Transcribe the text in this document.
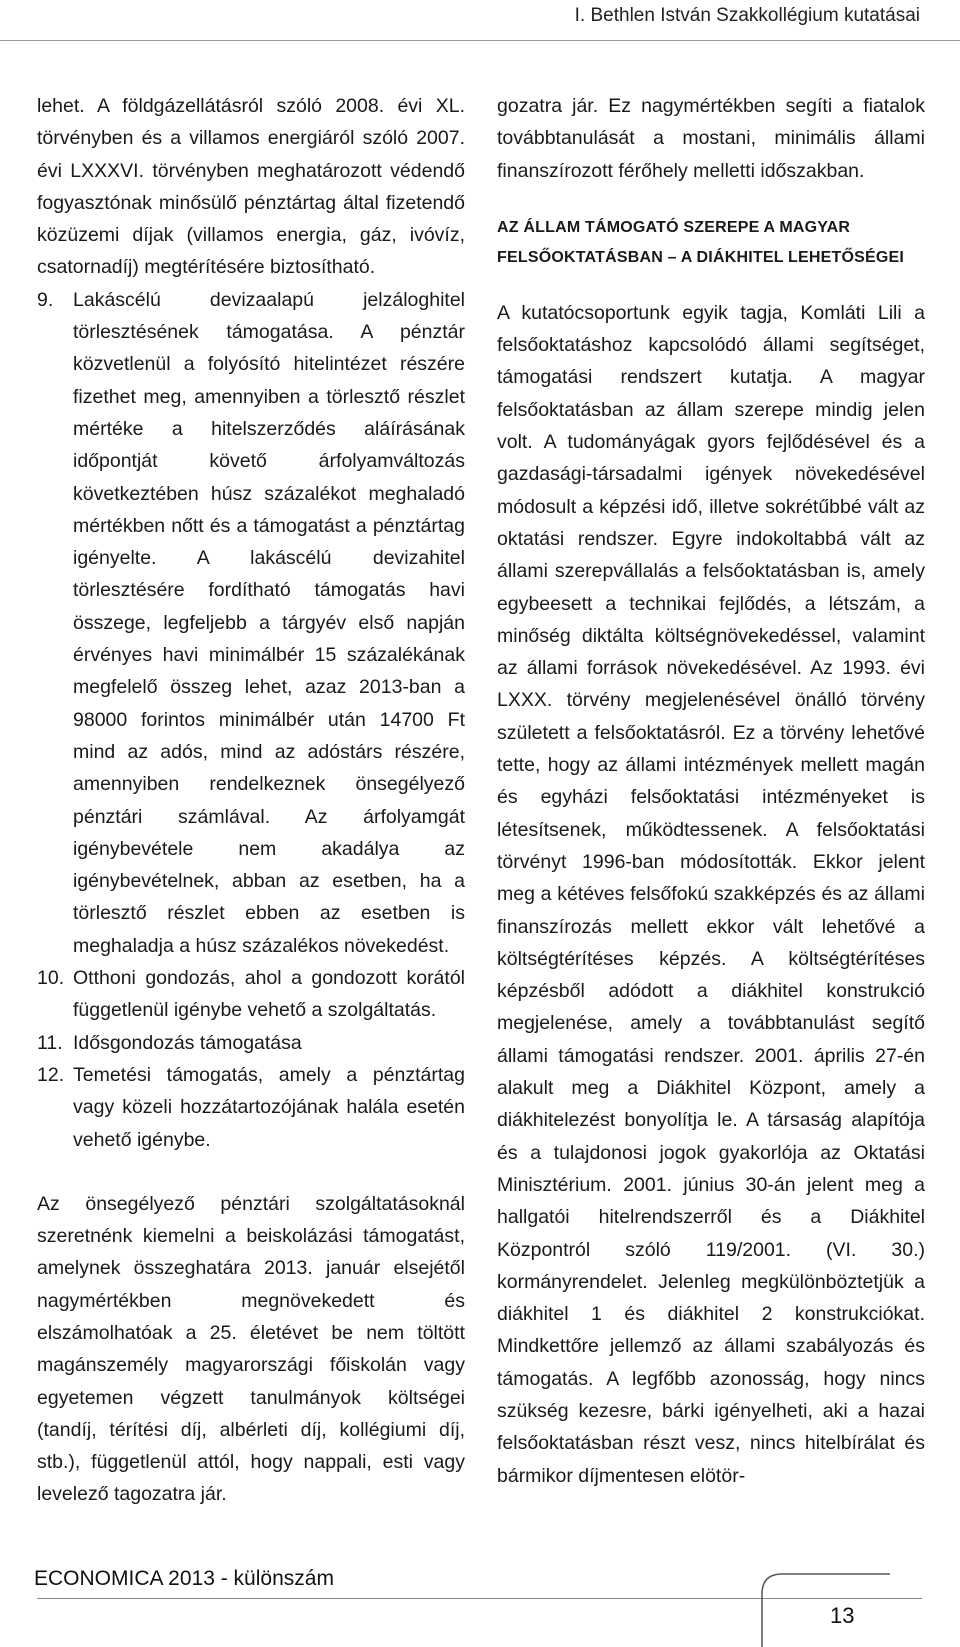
I. Bethlen István Szakkollégium kutatásai

lehet. A földgázellátásról szóló 2008. évi XL. törvényben és a villamos energiáról szóló 2007. évi LXXXVI. törvényben meghatározott védendő fogyasztónak minősülő pénztártag által fizetendő közüzemi díjak (villamos energia, gáz, ivóvíz, csatornadíj) megtérítésére biztosítható.

9. Lakáscélú devizaalapú jelzáloghitel törlesztésének támogatása. A pénztár közvetlenül a folyósító hitelintézet részére fizethet meg, amennyiben a törlesztő részlet mértéke a hitelszerződés aláírásának időpontját követő árfolyamváltozás következtében húsz százalékot meghaladó mértékben nőtt és a támogatást a pénztártag igényelte. A lakáscélú devizahitel törlesztésére fordítható támogatás havi összege, legfeljebb a tárgyév első napján érvényes havi minimálbér 15 százalékának megfelelő összeg lehet, azaz 2013-ban a 98000 forintos minimálbér után 14700 Ft mind az adós, mind az adóstárs részére, amennyiben rendelkeznek önsegélyező pénztári számlával. Az árfolyamgát igénybevétele nem akadálya az igénybevételnek, abban az esetben, ha a törlesztő részlet ebben az esetben is meghaladja a húsz százalékos növekedést.
10. Otthoni gondozás, ahol a gondozott korától függetlenül igénybe vehető a szolgáltatás.
11. Idősgondozás támogatása
12. Temetési támogatás, amely a pénztártag vagy közeli hozzátartozójának halála esetén vehető igénybe.

Az önsegélyező pénztári szolgáltatásoknál szeretnénk kiemelni a beiskolázási támogatást, amelynek összeghatára 2013. január elsejétől nagymértékben megnövekedett és elszámolhatóak a 25. életévet be nem töltött magánszemély magyarországi főiskolán vagy egyetemen végzett tanulmányok költségei (tandíj, térítési díj, albérleti díj, kollégiumi díj, stb.), függetlenül attól, hogy nappali, esti vagy levelező tagozatra jár.

gozatra jár. Ez nagymértékben segíti a fiatalok továbbtanulását a mostani, minimális állami finanszírozott férőhely melletti időszakban.

AZ ÁLLAM TÁMOGATÓ SZEREPE A MAGYAR FELSŐOKTATÁSBAN – A DIÁKHITEL LEHETŐSÉGEI

A kutatócsoportunk egyik tagja, Komláti Lili a felsőoktatáshoz kapcsolódó állami segítséget, támogatási rendszert kutatja. A magyar felsőoktatásban az állam szerepe mindig jelen volt. A tudományágak gyors fejlődésével és a gazdasági-társadalmi igények növekedésével módosult a képzési idő, illetve sokrétűbbé vált az oktatási rendszer. Egyre indokoltabbá vált az állami szerepvállalás a felsőoktatásban is, amely egybeesett a technikai fejlődés, a létszám, a minőség diktálta költségnövekedéssel, valamint az állami források növekedésével. Az 1993. évi LXXX. törvény megjelenésével önálló törvény született a felsőoktatásról. Ez a törvény lehetővé tette, hogy az állami intézmények mellett magán és egyházi felsőoktatási intézményeket is létesítsenek, működtessenek. A felsőoktatási törvényt 1996-ban módosították. Ekkor jelent meg a kétéves felsőfokú szakképzés és az állami finanszírozás mellett ekkor vált lehetővé a költségtérítéses képzés. A költségtérítéses képzésből adódott a diákhitel konstrukció megjelenése, amely a továbbtanulást segítő állami támogatási rendszer. 2001. április 27-én alakult meg a Diákhitel Központ, amely a diákhitelezést bonyolítja le. A társaság alapítója és a tulajdonosi jogok gyakorlója az Oktatási Minisztérium. 2001. június 30-án jelent meg a hallgatói hitelrendszerről és a Diákhitel Központról szóló 119/2001. (VI. 30.) kormányrendelet. Jelenleg megkülönböztetjük a diákhitel 1 és diákhitel 2 konstrukciókat. Mindkettőre jellemző az állami szabályozás és támogatás. A legfőbb azonosság, hogy nincs szükség kezesre, bárki igényelheti, aki a hazai felsőoktatásban részt vesz, nincs hitelbírálat és bármikor díjmentesen elötör-

ECONOMICA 2013 - különszám
13
